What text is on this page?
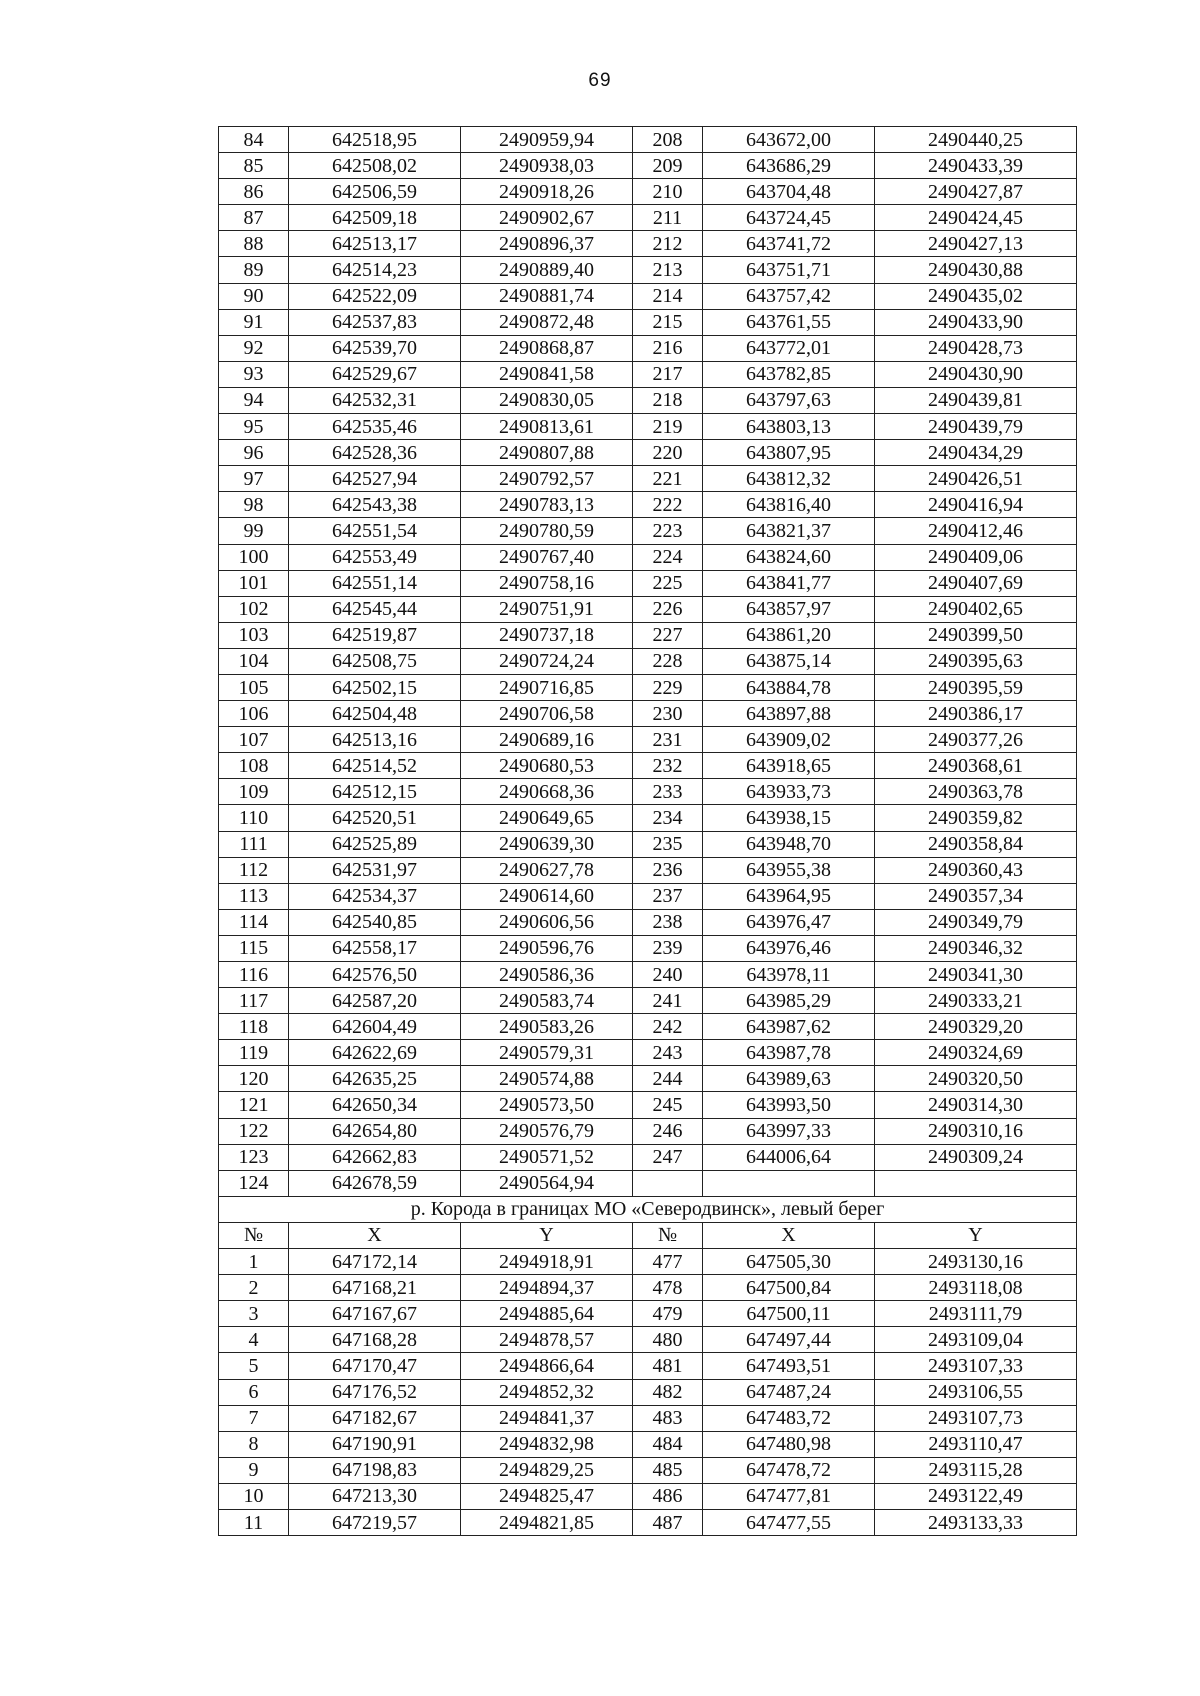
69
84	642518,95	2490959,94	208	643672,00	2490440,25
85	642508,02	2490938,03	209	643686,29	2490433,39
86	642506,59	2490918,26	210	643704,48	2490427,87
87	642509,18	2490902,67	211	643724,45	2490424,45
88	642513,17	2490896,37	212	643741,72	2490427,13
89	642514,23	2490889,40	213	643751,71	2490430,88
90	642522,09	2490881,74	214	643757,42	2490435,02
91	642537,83	2490872,48	215	643761,55	2490433,90
92	642539,70	2490868,87	216	643772,01	2490428,73
93	642529,67	2490841,58	217	643782,85	2490430,90
94	642532,31	2490830,05	218	643797,63	2490439,81
95	642535,46	2490813,61	219	643803,13	2490439,79
96	642528,36	2490807,88	220	643807,95	2490434,29
97	642527,94	2490792,57	221	643812,32	2490426,51
98	642543,38	2490783,13	222	643816,40	2490416,94
99	642551,54	2490780,59	223	643821,37	2490412,46
100	642553,49	2490767,40	224	643824,60	2490409,06
101	642551,14	2490758,16	225	643841,77	2490407,69
102	642545,44	2490751,91	226	643857,97	2490402,65
103	642519,87	2490737,18	227	643861,20	2490399,50
104	642508,75	2490724,24	228	643875,14	2490395,63
105	642502,15	2490716,85	229	643884,78	2490395,59
106	642504,48	2490706,58	230	643897,88	2490386,17
107	642513,16	2490689,16	231	643909,02	2490377,26
108	642514,52	2490680,53	232	643918,65	2490368,61
109	642512,15	2490668,36	233	643933,73	2490363,78
110	642520,51	2490649,65	234	643938,15	2490359,82
111	642525,89	2490639,30	235	643948,70	2490358,84
112	642531,97	2490627,78	236	643955,38	2490360,43
113	642534,37	2490614,60	237	643964,95	2490357,34
114	642540,85	2490606,56	238	643976,47	2490349,79
115	642558,17	2490596,76	239	643976,46	2490346,32
116	642576,50	2490586,36	240	643978,11	2490341,30
117	642587,20	2490583,74	241	643985,29	2490333,21
118	642604,49	2490583,26	242	643987,62	2490329,20
119	642622,69	2490579,31	243	643987,78	2490324,69
120	642635,25	2490574,88	244	643989,63	2490320,50
121	642650,34	2490573,50	245	643993,50	2490314,30
122	642654,80	2490576,79	246	643997,33	2490310,16
123	642662,83	2490571,52	247	644006,64	2490309,24
124	642678,59	2490564,94			
р. Корода в границах МО «Северодвинск», левый берег					
№	X	Y	№	X	Y
1	647172,14	2494918,91	477	647505,30	2493130,16
2	647168,21	2494894,37	478	647500,84	2493118,08
3	647167,67	2494885,64	479	647500,11	2493111,79
4	647168,28	2494878,57	480	647497,44	2493109,04
5	647170,47	2494866,64	481	647493,51	2493107,33
6	647176,52	2494852,32	482	647487,24	2493106,55
7	647182,67	2494841,37	483	647483,72	2493107,73
8	647190,91	2494832,98	484	647480,98	2493110,47
9	647198,83	2494829,25	485	647478,72	2493115,28
10	647213,30	2494825,47	486	647477,81	2493122,49
11	647219,57	2494821,85	487	647477,55	2493133,33
